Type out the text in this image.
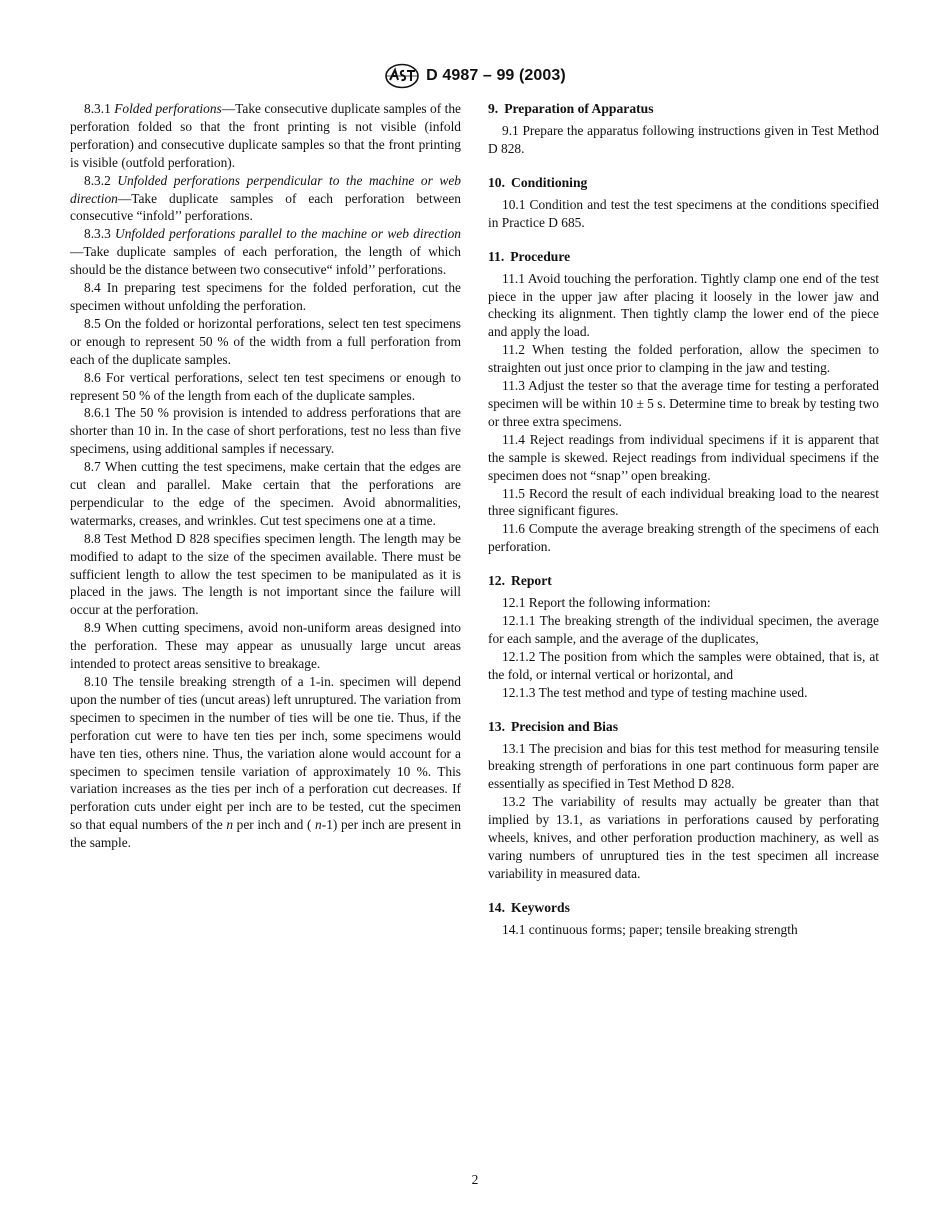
D 4987 – 99 (2003)

8.3.1 Folded perforations—Take consecutive duplicate samples of the perforation folded so that the front printing is not visible (infold perforation) and consecutive duplicate samples so that the front printing is visible (outfold perforation).

8.3.2 Unfolded perforations perpendicular to the machine or web direction—Take duplicate samples of each perforation between consecutive “infold’’ perforations.

8.3.3 Unfolded perforations parallel to the machine or web direction—Take duplicate samples of each perforation, the length of which should be the distance between two consecutive“ infold’’ perforations.

8.4 In preparing test specimens for the folded perforation, cut the specimen without unfolding the perforation.

8.5 On the folded or horizontal perforations, select ten test specimens or enough to represent 50 % of the width from a full perforation from each of the duplicate samples.

8.6 For vertical perforations, select ten test specimens or enough to represent 50 % of the length from each of the duplicate samples.

8.6.1 The 50 % provision is intended to address perforations that are shorter than 10 in. In the case of short perforations, test no less than five specimens, using additional samples if necessary.

8.7 When cutting the test specimens, make certain that the edges are cut clean and parallel. Make certain that the perforations are perpendicular to the edge of the specimen. Avoid abnormalities, watermarks, creases, and wrinkles. Cut test specimens one at a time.

8.8 Test Method D 828 specifies specimen length. The length may be modified to adapt to the size of the specimen available. There must be sufficient length to allow the test specimen to be manipulated as it is placed in the jaws. The length is not important since the failure will occur at the perforation.

8.9 When cutting specimens, avoid non-uniform areas designed into the perforation. These may appear as unusually large uncut areas intended to protect areas sensitive to breakage.

8.10 The tensile breaking strength of a 1-in. specimen will depend upon the number of ties (uncut areas) left unruptured. The variation from specimen to specimen in the number of ties will be one tie. Thus, if the perforation cut were to have ten ties per inch, some specimens would have ten ties, others nine. Thus, the variation alone would account for a specimen to specimen tensile variation of approximately 10 %. This variation increases as the ties per inch of a perforation cut decreases. If perforation cuts under eight per inch are to be tested, cut the specimen so that equal numbers of the n per inch and ( n-1) per inch are present in the sample.

9. Preparation of Apparatus

9.1 Prepare the apparatus following instructions given in Test Method D 828.

10. Conditioning

10.1 Condition and test the test specimens at the conditions specified in Practice D 685.

11. Procedure

11.1 Avoid touching the perforation. Tightly clamp one end of the test piece in the upper jaw after placing it loosely in the lower jaw and checking its alignment. Then tightly clamp the lower end of the piece and apply the load.

11.2 When testing the folded perforation, allow the specimen to straighten out just once prior to clamping in the jaw and testing.

11.3 Adjust the tester so that the average time for testing a perforated specimen will be within 10 ± 5 s. Determine time to break by testing two or three extra specimens.

11.4 Reject readings from individual specimens if it is apparent that the sample is skewed. Reject readings from individual specimens if the specimen does not “snap’’ open breaking.

11.5 Record the result of each individual breaking load to the nearest three significant figures.

11.6 Compute the average breaking strength of the specimens of each perforation.

12. Report

12.1 Report the following information:

12.1.1 The breaking strength of the individual specimen, the average for each sample, and the average of the duplicates,

12.1.2 The position from which the samples were obtained, that is, at the fold, or internal vertical or horizontal, and

12.1.3 The test method and type of testing machine used.

13. Precision and Bias

13.1 The precision and bias for this test method for measuring tensile breaking strength of perforations in one part continuous form paper are essentially as specified in Test Method D 828.

13.2 The variability of results may actually be greater than that implied by 13.1, as variations in perforations caused by perforating wheels, knives, and other perforation production machinery, as well as varing numbers of unruptured ties in the test specimen all increase variability in measured data.

14. Keywords

14.1 continuous forms; paper; tensile breaking strength

2
